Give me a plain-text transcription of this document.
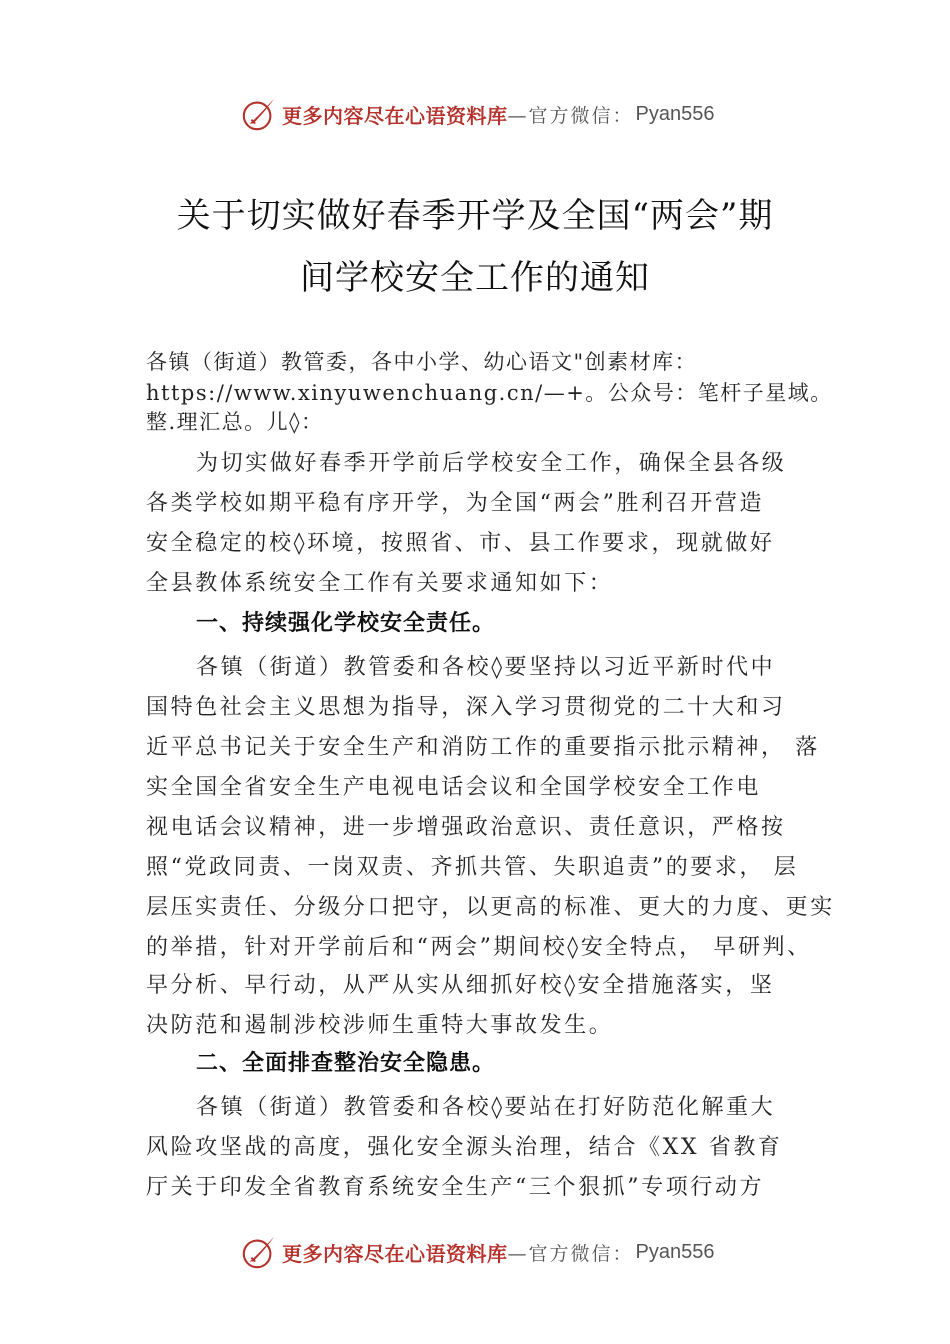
更多内容尽在心语资料库 —官方微信： Pyan556
关于切实做好春季开学及全国“两会”期
间学校安全工作的通知
各镇（街道）教管委，各中小学、幼心语文"创素材库：
https://www.xinyuwenchuang.cn/—+。公众号：笔杆子星域。
整.理汇总。儿◊：
为切实做好春季开学前后学校安全工作，确保全县各级
各类学校如期平稳有序开学，为全国“两会”胜利召开营造
安全稳定的校◊环境，按照省、市、县工作要求，现就做好
全县教体系统安全工作有关要求通知如下：
一、持续强化学校安全责任。
各镇（街道）教管委和各校◊要坚持以习近平新时代中
国特色社会主义思想为指导，深入学习贯彻党的二十大和习
近平总书记关于安全生产和消防工作的重要指示批示精神， 落
实全国全省安全生产电视电话会议和全国学校安全工作电
视电话会议精神，进一步增强政治意识、责任意识，严格按
照“党政同责、一岗双责、齐抓共管、失职追责”的要求， 层
层压实责任、分级分口把守，以更高的标准、更大的力度、更实
的举措，针对开学前后和“两会”期间校◊安全特点， 早研判、
早分析、早行动，从严从实从细抓好校◊安全措施落实，坚
决防范和遏制涉校涉师生重特大事故发生。
二、全面排查整治安全隐患。
各镇（街道）教管委和各校◊要站在打好防范化解重大
风险攻坚战的高度，强化安全源头治理，结合《XX 省教育
厅关于印发全省教育系统安全生产“三个狠抓”专项行动方
更多内容尽在心语资料库 —官方微信： Pyan556
